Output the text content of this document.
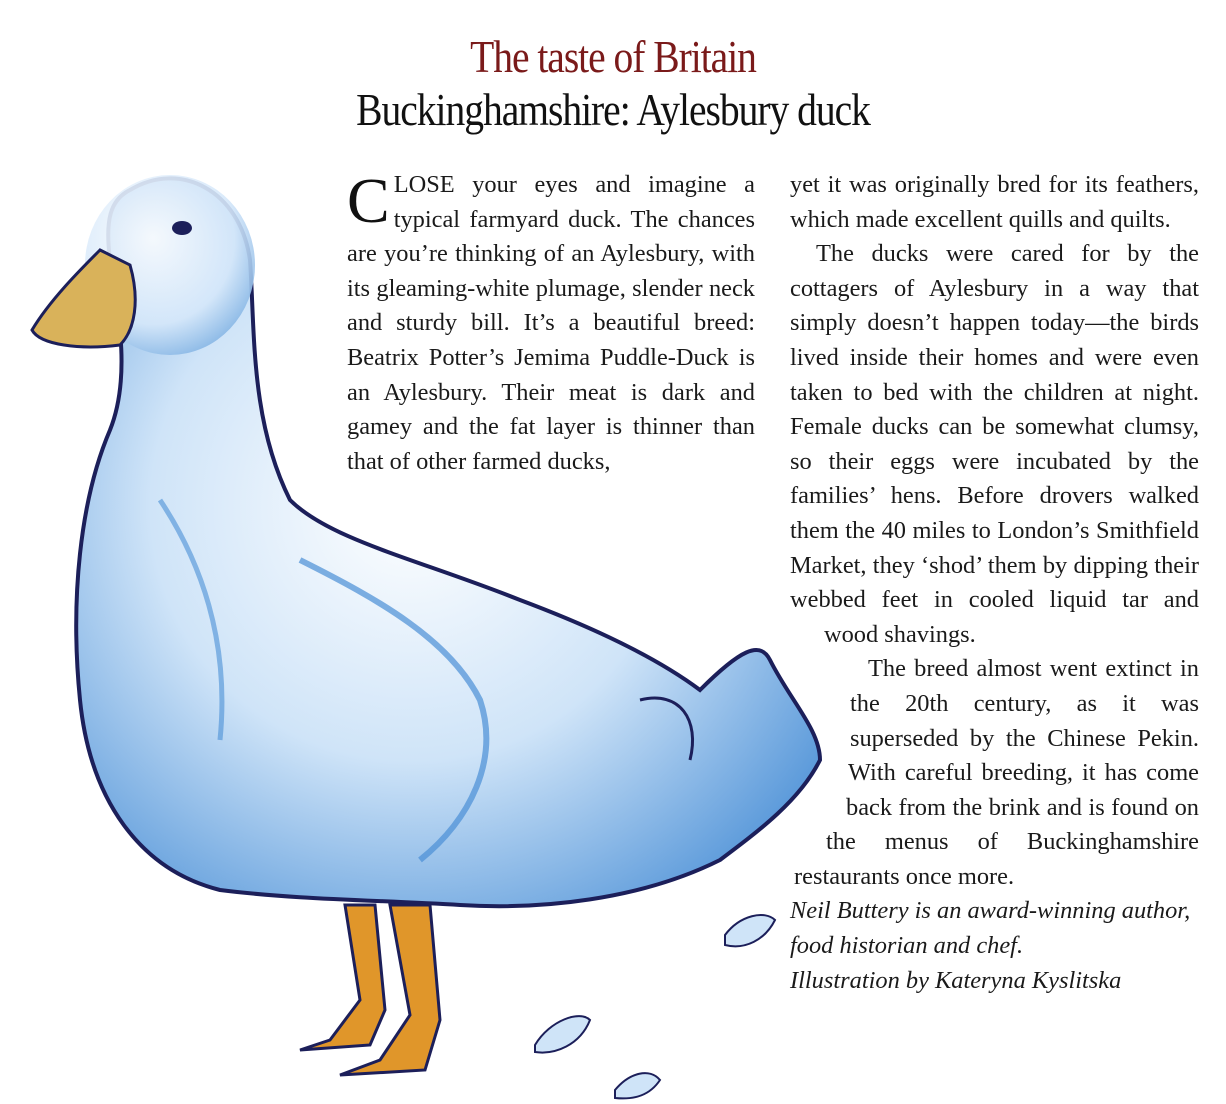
The taste of Britain
Buckinghamshire: Aylesbury duck
C LOSE your eyes and imagine a typical farmyard duck. The chances are you’re thinking of an Aylesbury, with its gleaming-white plumage, slender neck and sturdy bill. It’s a beautiful breed: Beatrix Potter’s Jemima Puddle-Duck is an Aylesbury. Their meat is dark and gamey and the fat layer is thinner than that of other farmed ducks,

yet it was originally bred for its feathers, which made excellent quills and quilts.

The ducks were cared for by the cottagers of Aylesbury in a way that simply doesn’t happen today—the birds lived inside their homes and were even taken to bed with the children at night. Female ducks can be somewhat clumsy, so their eggs were incubated by the families’ hens. Before drovers walked them the 40 miles to London’s Smithfield Market, they ‘shod’ them by dipping their webbed feet in cooled liquid tar and wood shavings.

The breed almost went extinct in the 20th century, as it was superseded by the Chinese Pekin. With careful breeding, it has come back from the brink and is found on the menus of Buckinghamshire restaurants once more.

Neil Buttery is an award-winning author, food historian and chef.

Illustration by Kateryna Kyslitska
